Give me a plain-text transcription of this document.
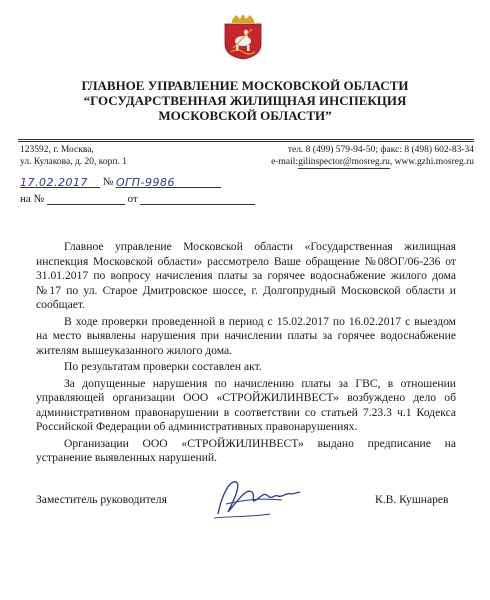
ГЛАВНОЕ УПРАВЛЕНИЕ МОСКОВСКОЙ ОБЛАСТИ
“ГОСУДАРСТВЕННАЯ ЖИЛИЩНАЯ ИНСПЕКЦИЯ
МОСКОВСКОЙ ОБЛАСТИ”
123592, г. Москва,
ул. Кулакова, д. 20, корп. 1
тел. 8 (499) 579-94-50; факс: 8 (498) 602-83-34
e-mail:gilinspector@mosreg.ru, www.gzhi.mosreg.ru
17.02.2017 № ОГП-9986
на №	от

Главное управление Московской области «Государственная жилищная инспекция Московской области» рассмотрело Ваше обращение №08ОГ/06-236 от 31.01.2017 по вопросу начисления платы за горячее водоснабжение жилого дома №17 по ул. Старое Дмитровское шоссе, г. Долгопрудный Московской области и сообщает.

В ходе проверки проведенной в период с 15.02.2017 по 16.02.2017 с выездом на место выявлены нарушения при начислении платы за горячее водоснабжение жителям вышеуказанного жилого дома.

По результатам проверки составлен акт.

За допущенные нарушения по начислению платы за ГВС, в отношении управляющей организации ООО «СТРОЙЖИЛИНВЕСТ» возбуждено дело об административном правонарушении в соответствии со статьей 7.23.3 ч.1 Кодекса Российской Федерации об административных правонарушениях.

Организации ООО «СТРОЙЖИЛИНВЕСТ» выдано предписание на устранение выявленных нарушений.

Заместитель руководителя	К.В. Кушнарев
